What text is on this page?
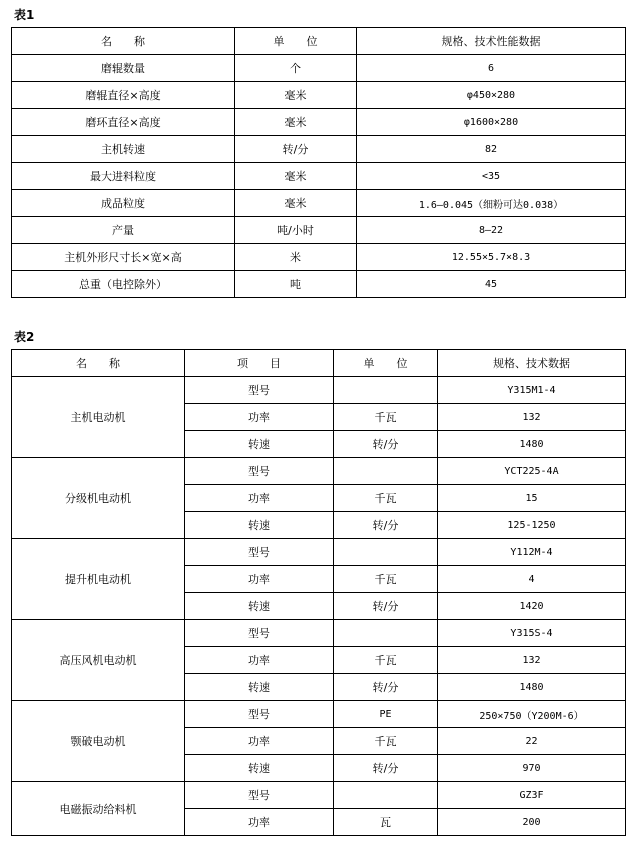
表1
名　　称	单　　位	规格、技术性能数据
磨辊数量	个	6
磨辊直径×高度	毫米	φ450×280
磨环直径×高度	毫米	φ1600×280
主机转速	转/分	82
最大进料粒度	毫米	<35
成品粒度	毫米	1.6—0.045（细粉可达0.038）
产量	吨/小时	8—22
主机外形尺寸长×宽×高	米	12.55×5.7×8.3
总重（电控除外）	吨	45
表2
名　　称	项　　目	单　　位	规格、技术数据
主机电动机	型号		Y315M1-4
	功率	千瓦	132
	转速	转/分	1480
分级机电动机	型号		YCT225-4A
	功率	千瓦	15
	转速	转/分	125-1250
提升机电动机	型号		Y112M-4
	功率	千瓦	4
	转速	转/分	1420
高压风机电动机	型号		Y315S-4
	功率	千瓦	132
	转速	转/分	1480
颚破电动机	型号	PE	250×750（Y200M-6）
	功率	千瓦	22
	转速	转/分	970
电磁振动给料机	型号		GZ3F
	功率	瓦	200
